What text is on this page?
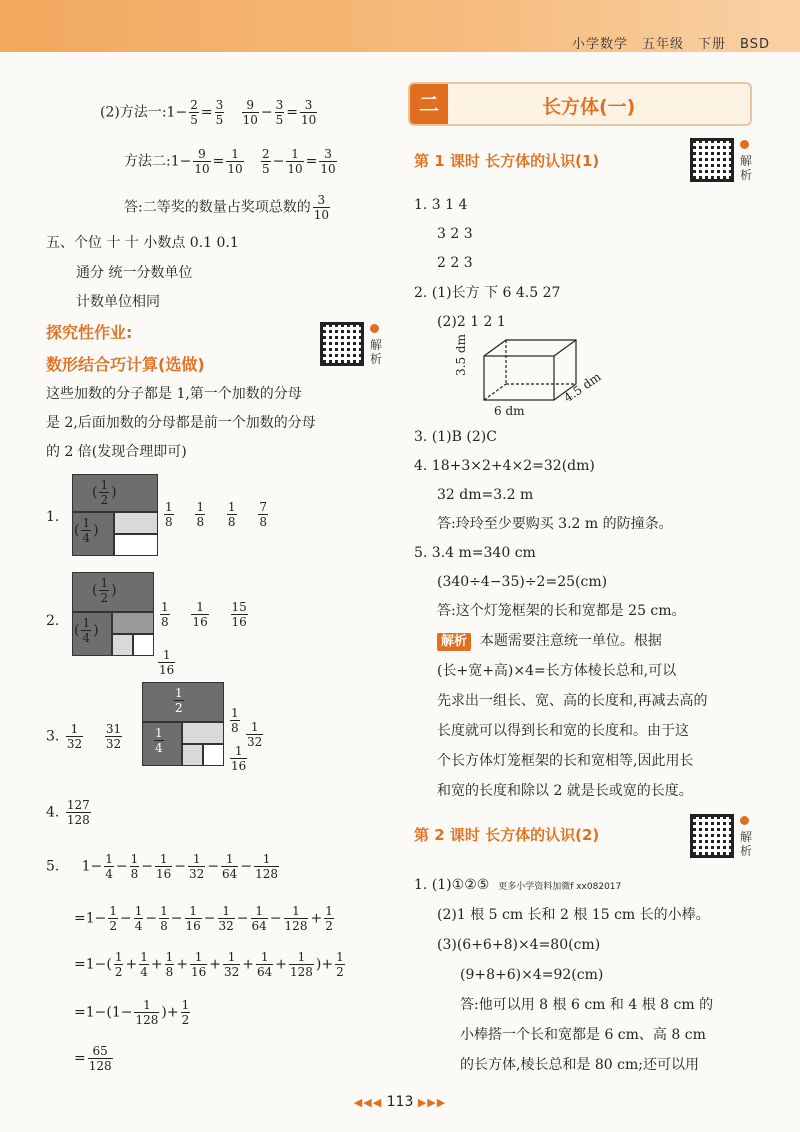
小学数学 五年级 下册 BSD
(2)方法一:1− $\frac{2}{5} = \frac{3}{5}$
$\frac{9}{10} - \frac{3}{5} = \frac{3}{10}$
方法二:1− $\frac{9}{10} = \frac{1}{10}$
$\frac{2}{5} - \frac{1}{10} = \frac{3}{10}$
答:二等奖的数量占奖项总数的 $\frac{3}{10}$
五、个位 十 十 小数点 0.1 0.1
通分 统一分数单位
计数单位相同
探究性作业:
数形结合巧计算(选做)
解析
这些加数的分子都是 1,第一个加数的分母
是 2,后面加数的分母都是前一个加数的分母
的 2 倍(发现合理即可)
1.
( $\frac{1}{2}$ )
( $\frac{1}{4}$ )
$\frac{1}{8}$
$\frac{1}{8}$
$\frac{1}{8}$
$\frac{7}{8}$
2.
( $\frac{1}{2}$ )
( $\frac{1}{4}$ )
$\frac{1}{8}$
$\frac{1}{16}$
$\frac{15}{16}$
$\frac{1}{16}$
3. $\frac{1}{32}$
$\frac{31}{32}$
$\frac{1}{2}$
$\frac{1}{4}$
$\frac{1}{8} \frac{1}{32}$
$\frac{1}{16}$
4. $\frac{127}{128}$
5. $1- \frac{1}{4} - \frac{1}{8} - \frac{1}{16} - \frac{1}{32} - \frac{1}{64} - \frac{1}{128}$
$=1- \frac{1}{2} - \frac{1}{4} - \frac{1}{8} - \frac{1}{16} - \frac{1}{32} - \frac{1}{64} - \frac{1}{128} + \frac{1}{2}$
$=1-( \frac{1}{2} + \frac{1}{4} + \frac{1}{8} + \frac{1}{16} + \frac{1}{32} + \frac{1}{64} + \frac{1}{128}$ )+ $\frac{1}{2}$
$=1-(1- \frac{1}{128}$ )+ $\frac{1}{2}$
= $\frac{65}{128}$
二	长方体(一)
第 1 课时 长方体的认识(1)	解析
1. 3 1 4
3 2 3
2 2 3
2. (1)长方 下 6 4.5 27
(2)2 1 2 1
3.5 dm
6 dm
4.5 dm
3. (1)B (2)C
4. 18+3×2+4×2=32(dm)
32 dm=3.2 m
答:玲玲至少要购买 3.2 m 的防撞条。
5. 3.4 m=340 cm
(340÷4−35)÷2=25(cm)
答:这个灯笼框架的长和宽都是 25 cm。
解析 本题需要注意统一单位。根据
(长+宽+高)×4=长方体棱长总和,可以
先求出一组长、宽、高的长度和,再减去高的
长度就可以得到长和宽的长度和。由于这
个长方体灯笼框架的长和宽相等,因此用长
和宽的长度和除以 2 就是长或宽的长度。
第 2 课时 长方体的认识(2)	解析
1. (1)①②⑤ 更多小学资料加微f xx082017
(2)1 根 5 cm 长和 2 根 15 cm 长的小棒。
(3)(6+6+8)×4=80(cm)
(9+8+6)×4=92(cm)
答:他可以用 8 根 6 cm 和 4 根 8 cm 的
小棒搭一个长和宽都是 6 cm、高 8 cm
的长方体,棱长总和是 80 cm;还可以用
◀◀◀ 113 ▶▶▶
